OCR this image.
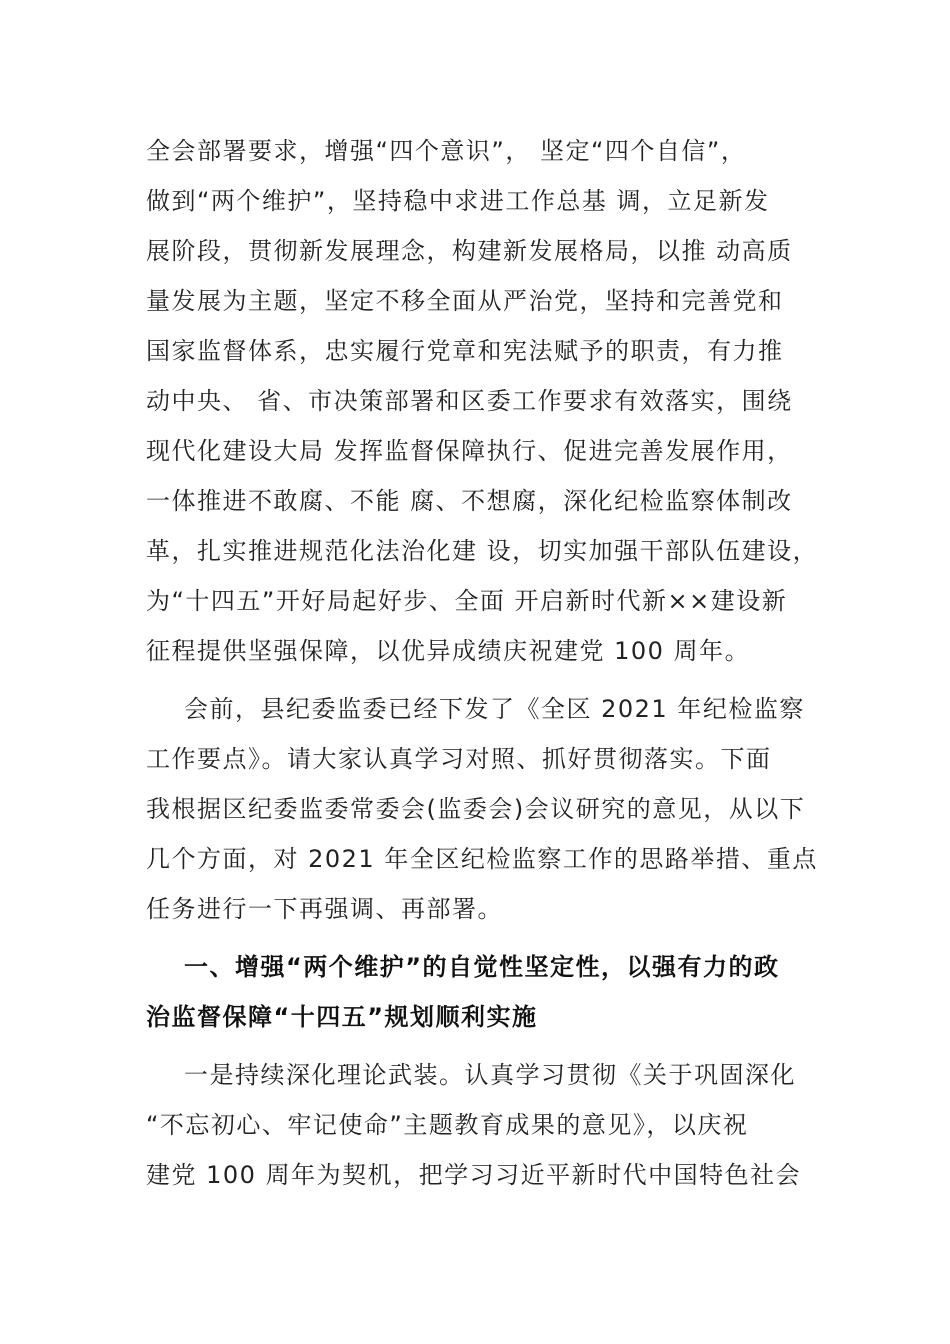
全会部署要求，增强“四个意识”， 坚定“四个自信”，
做到“两个维护”，坚持稳中求进工作总基 调，立足新发
展阶段，贯彻新发展理念，构建新发展格局，以推 动高质
量发展为主题，坚定不移全面从严治党，坚持和完善党和
国家监督体系，忠实履行党章和宪法赋予的职责，有力推
动中央、 省、市决策部署和区委工作要求有效落实，围绕
现代化建设大局 发挥监督保障执行、促进完善发展作用，
一体推进不敢腐、不能 腐、不想腐，深化纪检监察体制改
革，扎实推进规范化法治化建 设，切实加强干部队伍建设，
为“十四五”开好局起好步、全面 开启新时代新××建设新
征程提供坚强保障，以优异成绩庆祝建党 100 周年。
会前，县纪委监委已经下发了《全区 2021 年纪检监察
工作要点》。请大家认真学习对照、抓好贯彻落实。下面
我根据区纪委监委常委会(监委会)会议研究的意见，从以下
几个方面，对 2021 年全区纪检监察工作的思路举措、重点
任务进行一下再强调、再部署。
一、增强“两个维护”的自觉性坚定性，以强有力的政
治监督保障“十四五”规划顺利实施
一是持续深化理论武装。认真学习贯彻《关于巩固深化
“不忘初心、牢记使命”主题教育成果的意见》，以庆祝
建党 100 周年为契机，把学习习近平新时代中国特色社会
